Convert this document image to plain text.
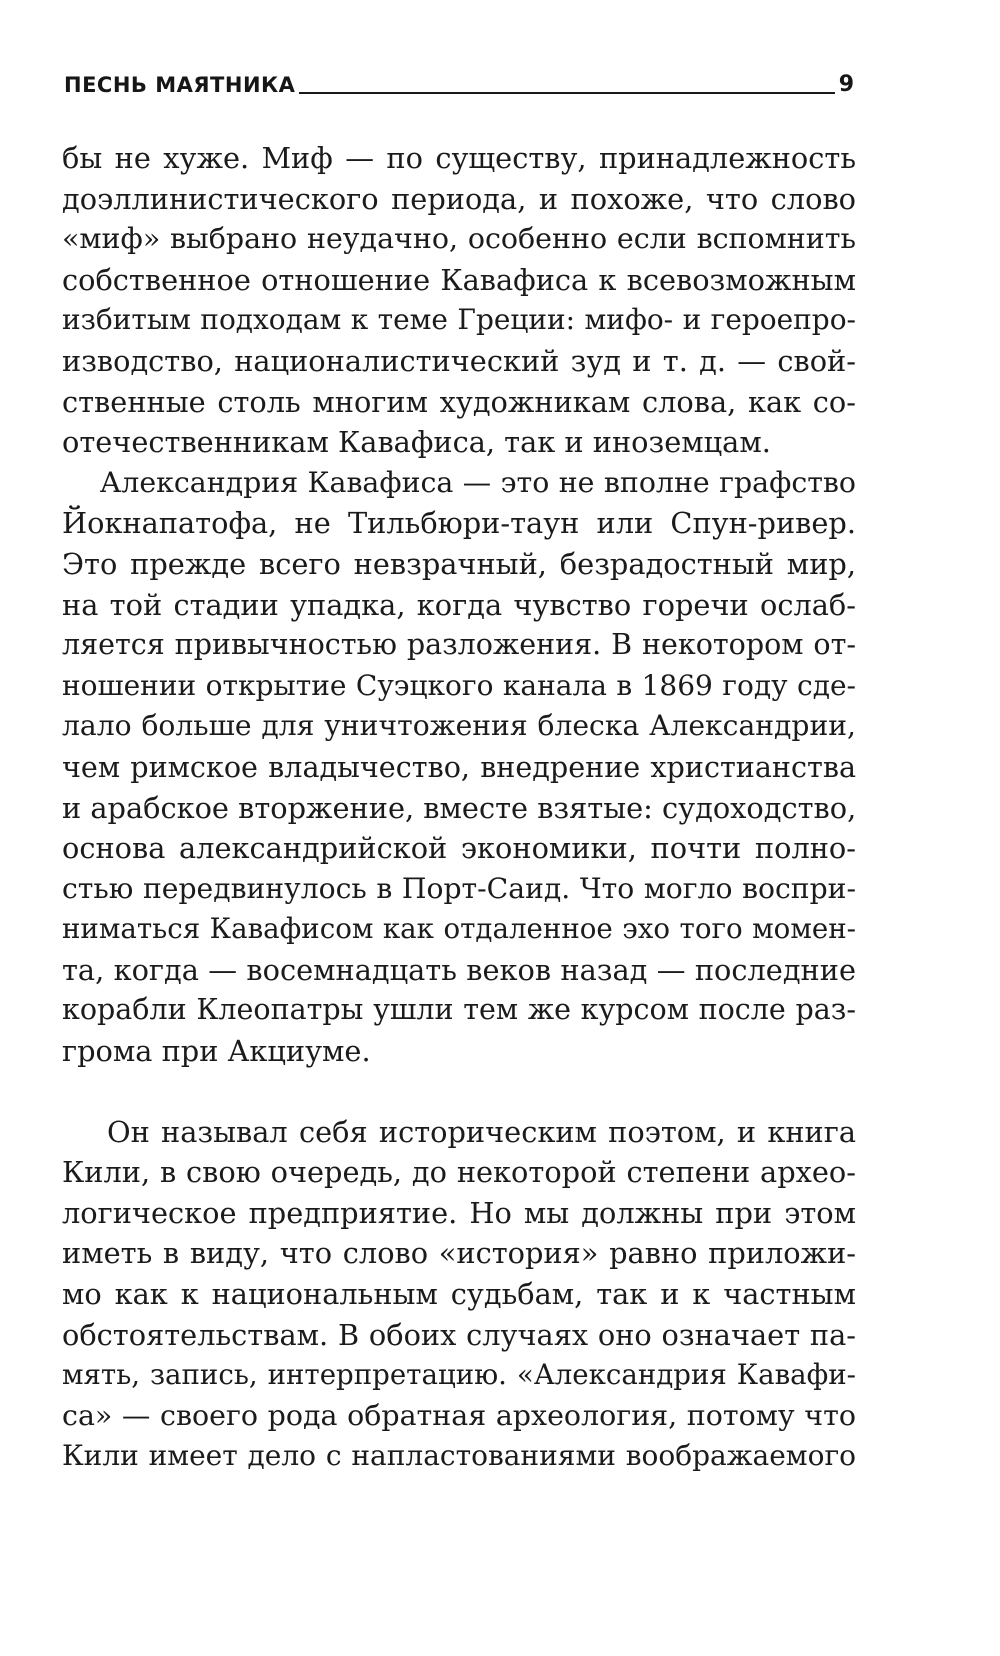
ПЕСНЬ МАЯТНИКА	9
бы не хуже. Миф — по существу, принадлежность
доэллинистического периода, и похоже, что слово
«миф» выбрано неудачно, особенно если вспомнить
собственное отношение Кавафиса к всевозможным
избитым подходам к теме Греции: мифо- и героепро-
изводство, националистический зуд и т. д. — свой-
ственные столь многим художникам слова, как со-
отечественникам Кавафиса, так и иноземцам.
Александрия Кавафиса — это не вполне графство
Йокнапатофа, не Тильбюри-таун или Спун-ривер.
Это прежде всего невзрачный, безрадостный мир,
на той стадии упадка, когда чувство горечи ослаб-
ляется привычностью разложения. В некотором от-
ношении открытие Суэцкого канала в 1869 году сде-
лало больше для уничтожения блеска Александрии,
чем римское владычество, внедрение христианства
и арабское вторжение, вместе взятые: судоходство,
основа александрийской экономики, почти полно-
стью передвинулось в Порт-Саид. Что могло воспри-
ниматься Кавафисом как отдаленное эхо того момен-
та, когда — восемнадцать веков назад — последние
корабли Клеопатры ушли тем же курсом после раз-
грома при Акциуме.
Он называл себя историческим поэтом, и книга
Кили, в свою очередь, до некоторой степени архео-
логическое предприятие. Но мы должны при этом
иметь в виду, что слово «история» равно приложи-
мо как к национальным судьбам, так и к частным
обстоятельствам. В обоих случаях оно означает па-
мять, запись, интерпретацию. «Александрия Кавафи-
са» — своего рода обратная археология, потому что
Кили имеет дело с напластованиями воображаемого
